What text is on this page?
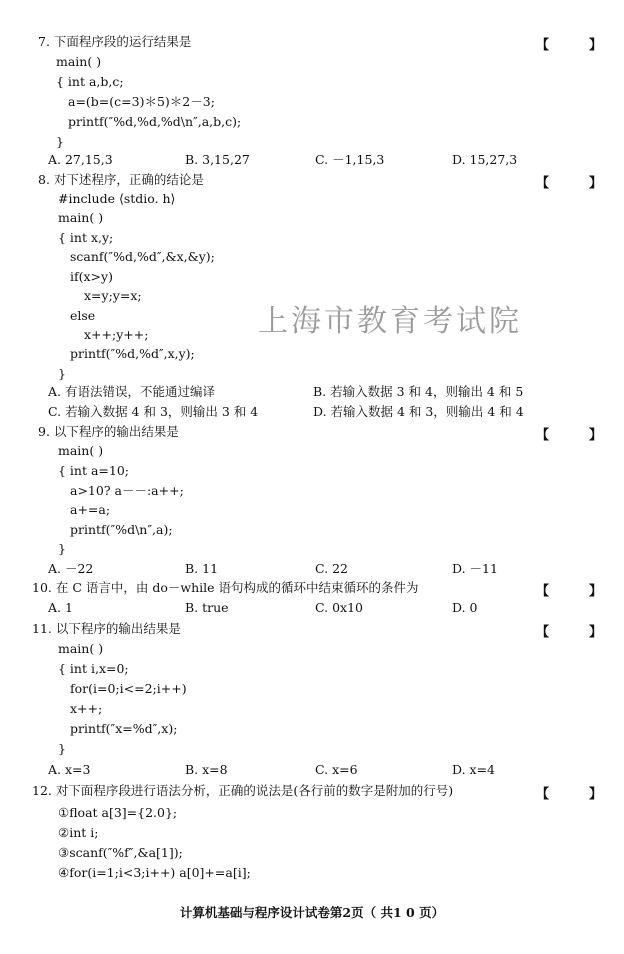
上海市教育考试院
7. 下面程序段的运行结果是	【	】
main( )
{ int a,b,c;
a=(b=(c=3)＊5)＊2－3;
printf(″%d,%d,%d\n″,a,b,c);
}
A. 27,15,3	B. 3,15,27	C. －1,15,3	D. 15,27,3
8. 对下述程序，正确的结论是	【	】
#include ⟨stdio. h⟩
main( )
{ int x,y;
scanf(″%d,%d″,&x,&y);
if(x>y)
x=y;y=x;
else
x++;y++;
printf(″%d,%d″,x,y);
}
A. 有语法错误，不能通过编译	B. 若输入数据 3 和 4，则输出 4 和 5
C. 若输入数据 4 和 3，则输出 3 和 4	D. 若输入数据 4 和 3，则输出 4 和 4
9. 以下程序的输出结果是	【	】
main( )
{ int a=10;
a>10? a－－:a++;
a+=a;
printf(″%d\n″,a);
}
A. －22	B. 11	C. 22	D. －11
10. 在 C 语言中，由 do－while 语句构成的循环中结束循环的条件为	【	】
A. 1	B. true	C. 0x10	D. 0
11. 以下程序的输出结果是	【	】
main( )
{ int i,x=0;
for(i=0;i<=2;i++)
x++;
printf(″x=%d″,x);
}
A. x=3	B. x=8	C. x=6	D. x=4
12. 对下面程序段进行语法分析，正确的说法是(各行前的数字是附加的行号)	【	】
①float a[3]={2.0};
②int i;
③scanf(″%f″,&a[1]);
④for(i=1;i<3;i++) a[0]+=a[i];
计算机基础与程序设计试卷第2页（ 共1 0 页）
